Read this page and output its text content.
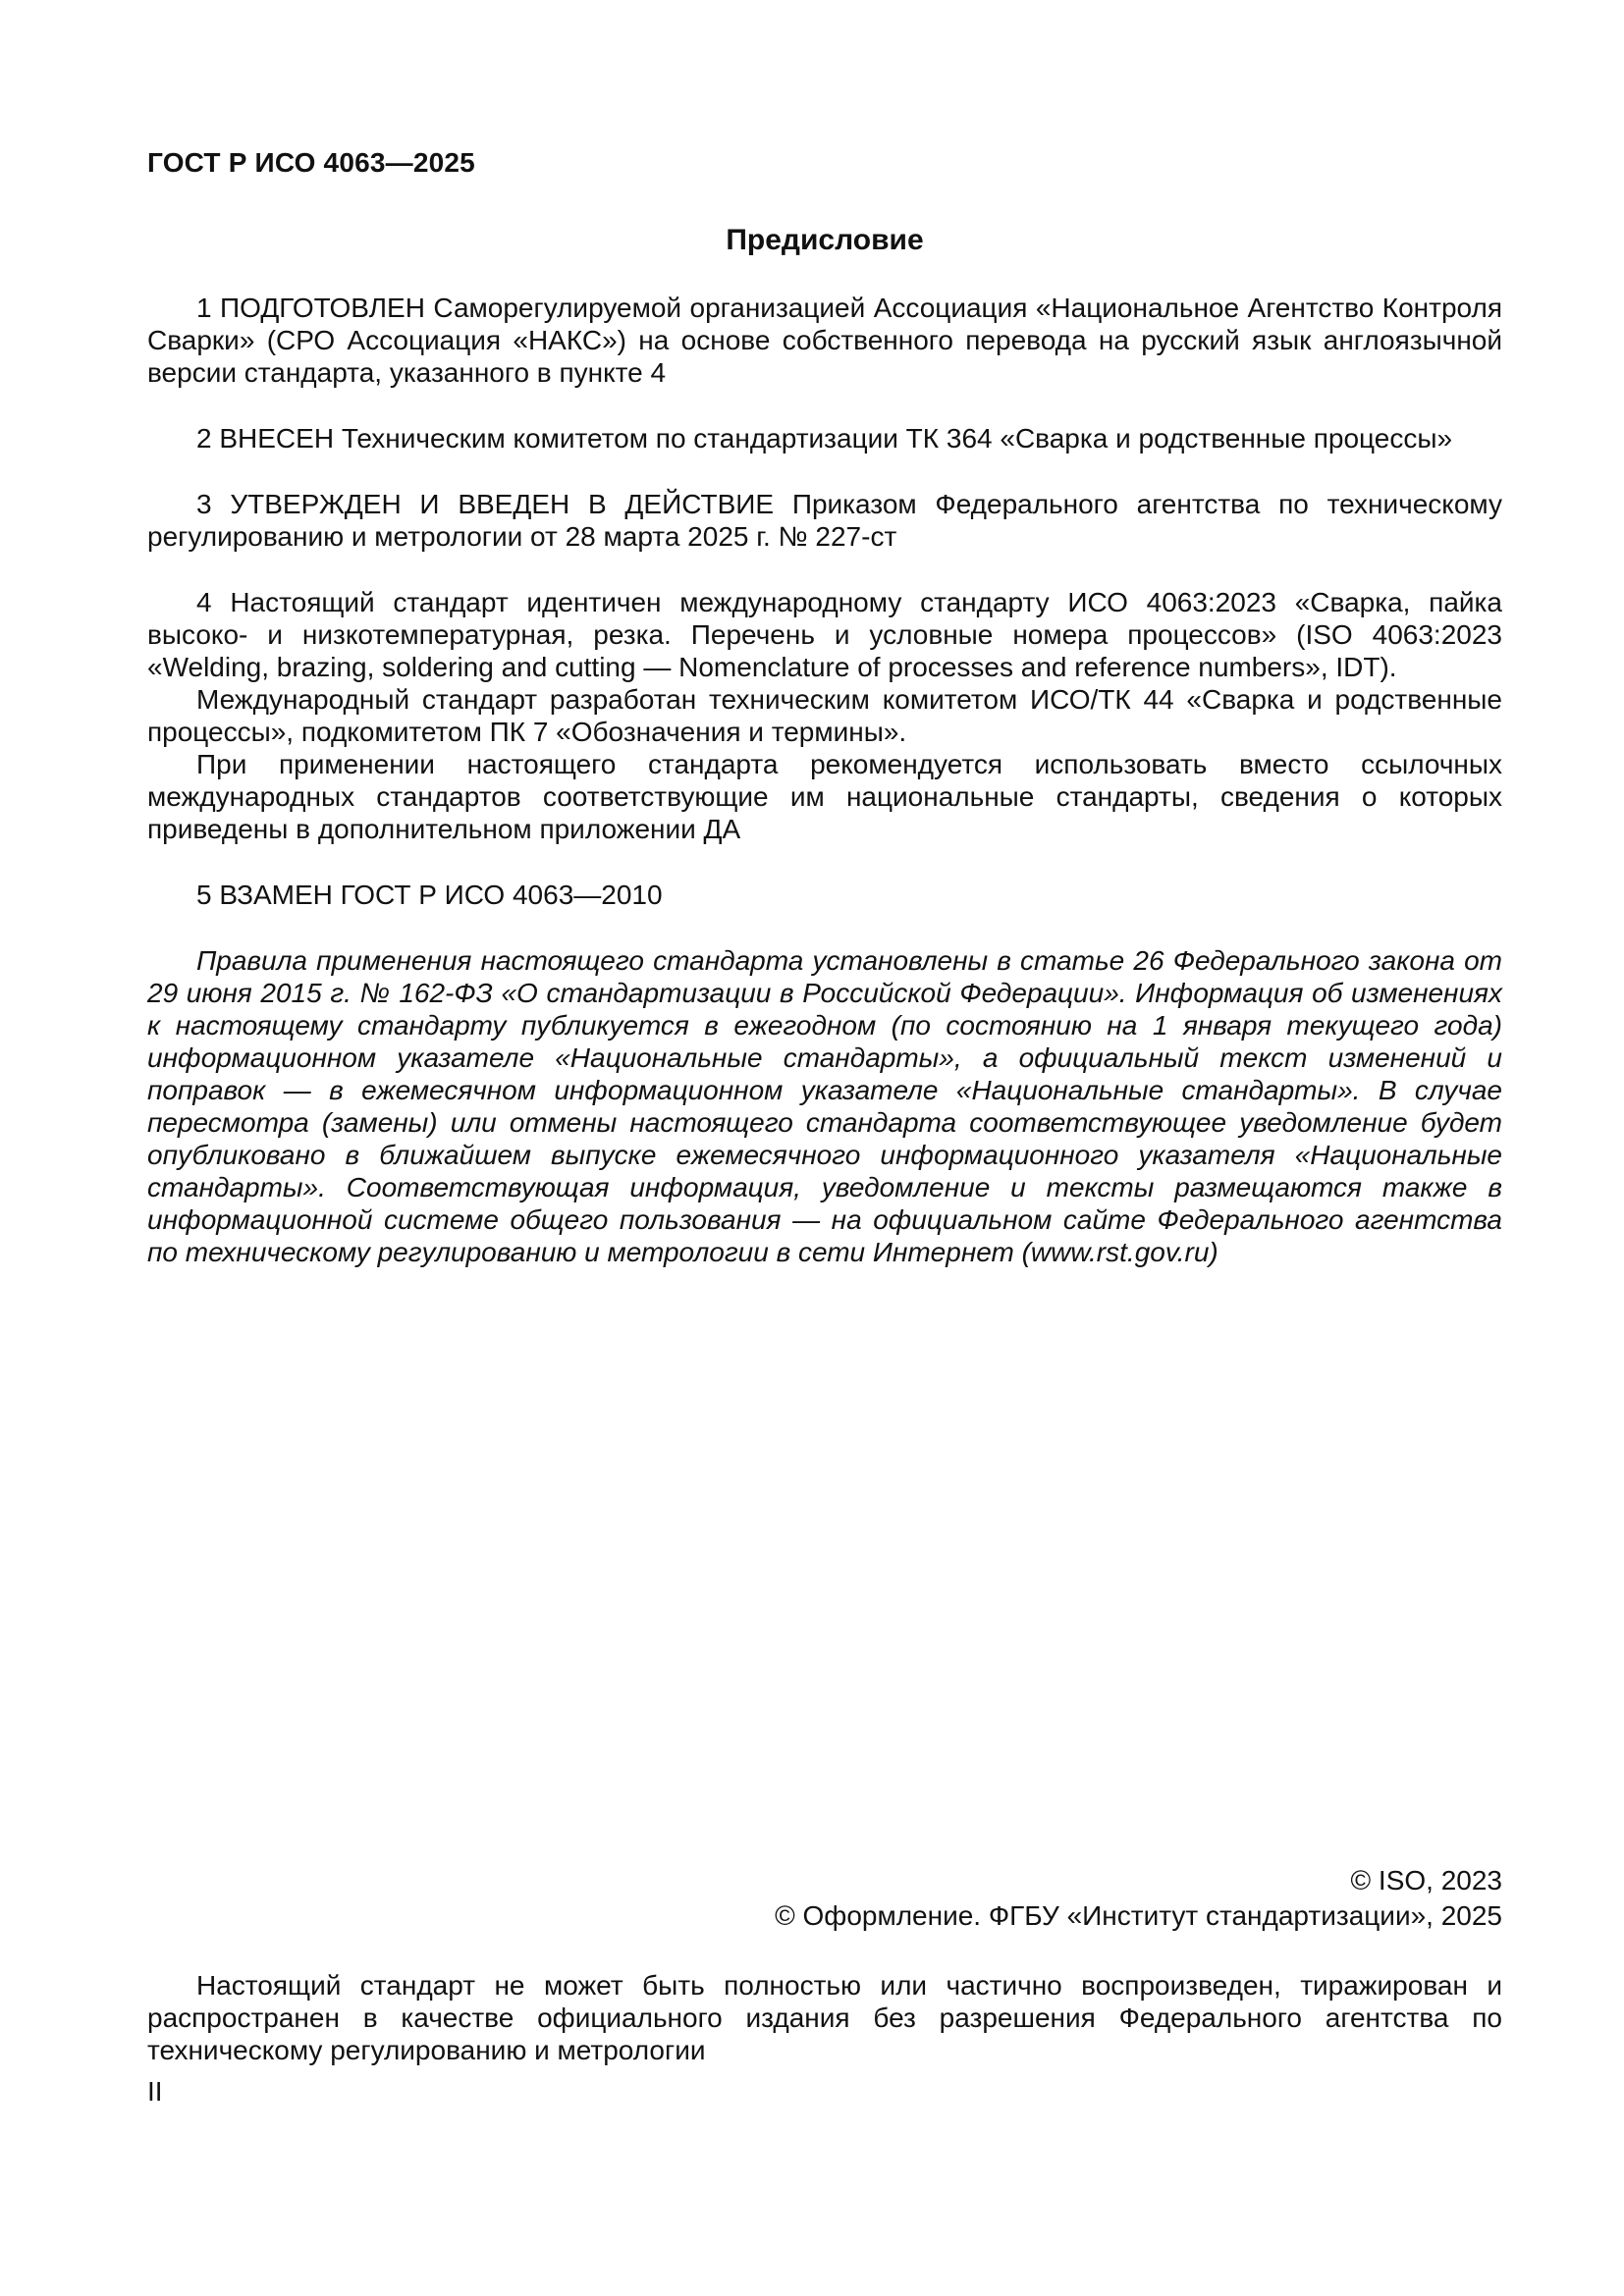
ГОСТ Р ИСО 4063—2025
Предисловие

1 ПОДГОТОВЛЕН Саморегулируемой организацией Ассоциация «Национальное Агентство Контроля Сварки» (СРО Ассоциация «НАКС») на основе собственного перевода на русский язык англоязычной версии стандарта, указанного в пункте 4

2 ВНЕСЕН Техническим комитетом по стандартизации ТК 364 «Сварка и родственные процессы»

3 УТВЕРЖДЕН И ВВЕДЕН В ДЕЙСТВИЕ Приказом Федерального агентства по техническому регулированию и метрологии от 28 марта 2025 г. № 227-ст

4 Настоящий стандарт идентичен международному стандарту ИСО 4063:2023 «Сварка, пайка высоко- и низкотемпературная, резка. Перечень и условные номера процессов» (ISO 4063:2023 «Welding, brazing, soldering and cutting — Nomenclature of processes and reference numbers», IDT).

Международный стандарт разработан техническим комитетом ИСО/ТК 44 «Сварка и родственные процессы», подкомитетом ПК 7 «Обозначения и термины».

При применении настоящего стандарта рекомендуется использовать вместо ссылочных международных стандартов соответствующие им национальные стандарты, сведения о которых приведены в дополнительном приложении ДА

5 ВЗАМЕН ГОСТ Р ИСО 4063—2010

Правила применения настоящего стандарта установлены в статье 26 Федерального закона от 29 июня 2015 г. № 162-ФЗ «О стандартизации в Российской Федерации». Информация об изменениях к настоящему стандарту публикуется в ежегодном (по состоянию на 1 января текущего года) информационном указателе «Национальные стандарты», а официальный текст изменений и поправок — в ежемесячном информационном указателе «Национальные стандарты». В случае пересмотра (замены) или отмены настоящего стандарта соответствующее уведомление будет опубликовано в ближайшем выпуске ежемесячного информационного указателя «Национальные стандарты». Соответствующая информация, уведомление и тексты размещаются также в информационной системе общего пользования — на официальном сайте Федерального агентства по техническому регулированию и метрологии в сети Интернет (www.rst.gov.ru)

© ISO, 2023

© Оформление. ФГБУ «Институт стандартизации», 2025

Настоящий стандарт не может быть полностью или частично воспроизведен, тиражирован и распространен в качестве официального издания без разрешения Федерального агентства по техническому регулированию и метрологии

II
